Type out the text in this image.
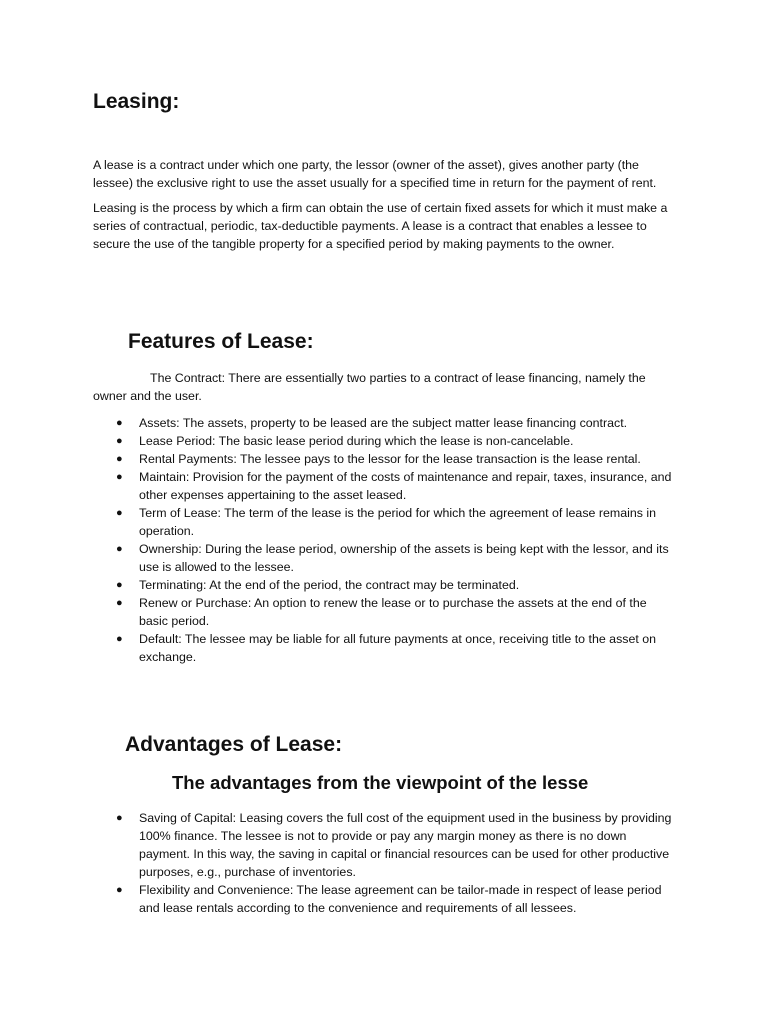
Leasing:

A lease is a contract under which one party, the lessor (owner of the asset), gives another party (the lessee) the exclusive right to use the asset usually for a specified time in return for the payment of rent.

Leasing is the process by which a firm can obtain the use of certain fixed assets for which it must make a series of contractual, periodic, tax-deductible payments. A lease is a contract that enables a lessee to secure the use of the tangible property for a specified period by making payments to the owner.

Features of Lease:

The Contract: There are essentially two parties to a contract of lease financing, namely the owner and the user.

● Assets: The assets, property to be leased are the subject matter lease financing contract.
● Lease Period: The basic lease period during which the lease is non-cancelable.
● Rental Payments: The lessee pays to the lessor for the lease transaction is the lease rental.
● Maintain: Provision for the payment of the costs of maintenance and repair, taxes, insurance, and other expenses appertaining to the asset leased.
● Term of Lease: The term of the lease is the period for which the agreement of lease remains in operation.
● Ownership: During the lease period, ownership of the assets is being kept with the lessor, and its use is allowed to the lessee.
● Terminating: At the end of the period, the contract may be terminated.
● Renew or Purchase: An option to renew the lease or to purchase the assets at the end of the basic period.
● Default: The lessee may be liable for all future payments at once, receiving title to the asset on exchange.
Advantages of Lease:
The advantages from the viewpoint of the lesse
● Saving of Capital: Leasing covers the full cost of the equipment used in the business by providing 100% finance. The lessee is not to provide or pay any margin money as there is no down payment. In this way, the saving in capital or financial resources can be used for other productive purposes, e.g., purchase of inventories.
● Flexibility and Convenience: The lease agreement can be tailor-made in respect of lease period and lease rentals according to the convenience and requirements of all lessees.
